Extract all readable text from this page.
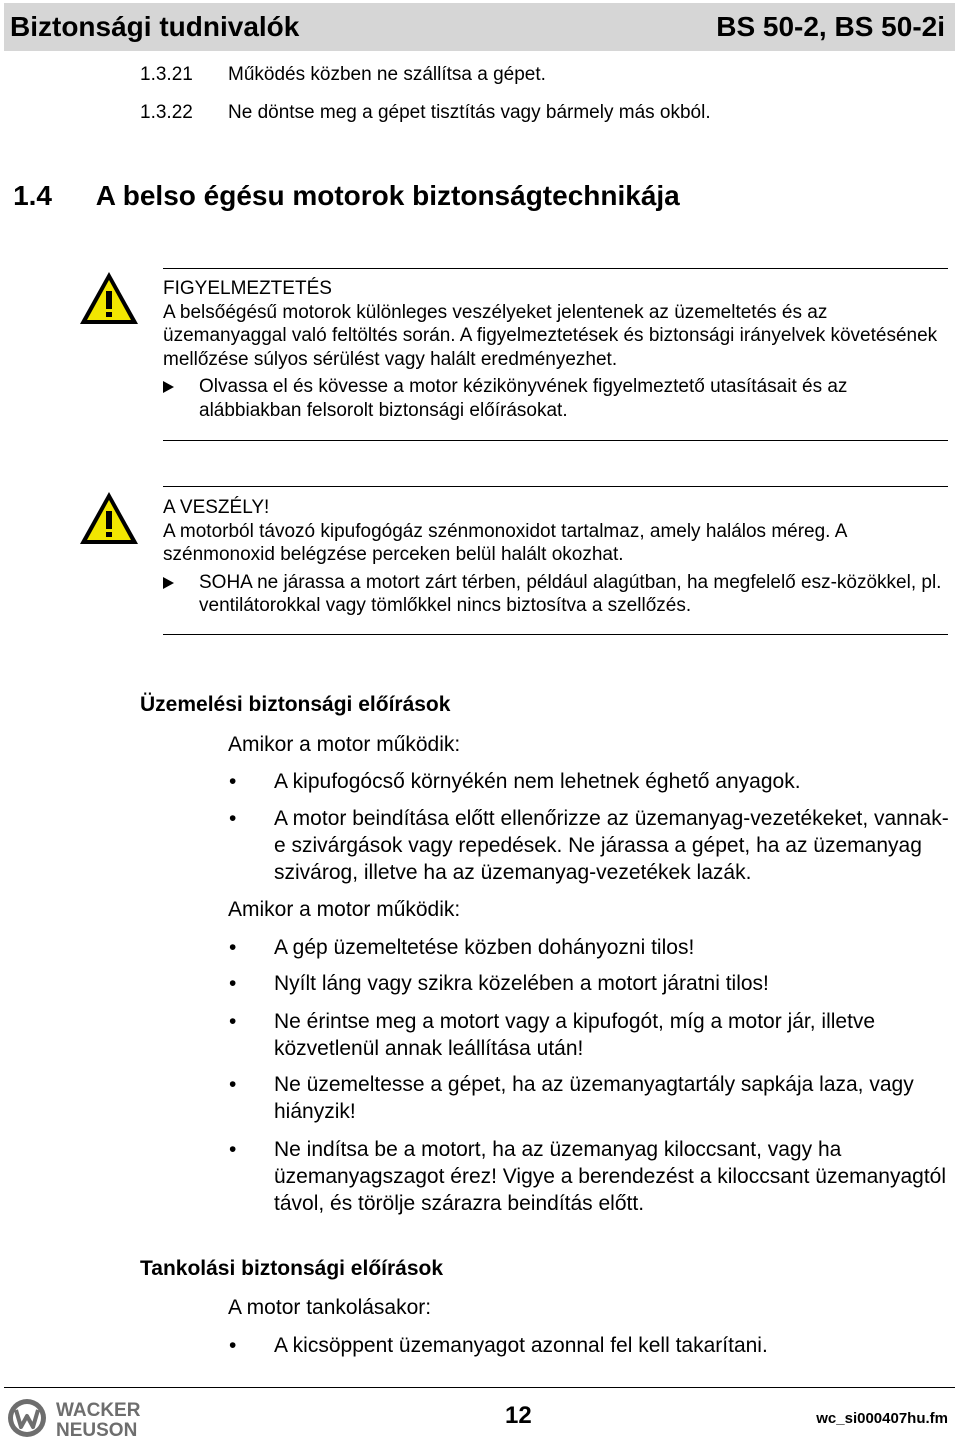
Biztonsági tudnivalók	BS 50-2, BS 50-2i
1.3.21 Működés közben ne szállítsa a gépet.
1.3.22 Ne döntse meg a gépet tisztítás vagy bármely más okból.
1.4 A belso égésu motorok biztonságtechnikája
FIGYELMEZTETÉS
A belsőégésű motorok különleges veszélyeket jelentenek az üzemeltetés és az üzemanyaggal való feltöltés során. A figyelmeztetések és biztonsági irányelvek követésének mellőzése súlyos sérülést vagy halált eredményezhet.
Olvassa el és kövesse a motor kézikönyvének figyelmeztető utasításait és az alábbiakban felsorolt biztonsági előírásokat.
A VESZÉLY!
A motorból távozó kipufogógáz szénmonoxidot tartalmaz, amely halálos méreg. A szénmonoxid belégzése perceken belül halált okozhat.
SOHA ne járassa a motort zárt térben, például alagútban, ha megfelelő esz-közökkel, pl. ventilátorokkal vagy tömlőkkel nincs biztosítva a szellőzés.
Üzemelési biztonsági előírások
Amikor a motor működik:
• A kipufogócső környékén nem lehetnek éghető anyagok.
• A motor beindítása előtt ellenőrizze az üzemanyag-vezetékeket, vannak-e szivárgások vagy repedések. Ne járassa a gépet, ha az üzemanyag szivárog, illetve ha az üzemanyag-vezetékek lazák.
Amikor a motor működik:
• A gép üzemeltetése közben dohányozni tilos!
• Nyílt láng vagy szikra közelében a motort járatni tilos!
• Ne érintse meg a motort vagy a kipufogót, míg a motor jár, illetve közvetlenül annak leállítása után!
• Ne üzemeltesse a gépet, ha az üzemanyagtartály sapkája laza, vagy hiányzik!
• Ne indítsa be a motort, ha az üzemanyag kiloccsant, vagy ha üzemanyagszagot érez! Vigye a berendezést a kiloccsant üzemanyagtól távol, és törölje szárazra beindítás előtt.
Tankolási biztonsági előírások
A motor tankolásakor:
• A kicsöppent üzemanyagot azonnal fel kell takarítani.
WACKER
NEUSON
12	wc_si000407hu.fm
